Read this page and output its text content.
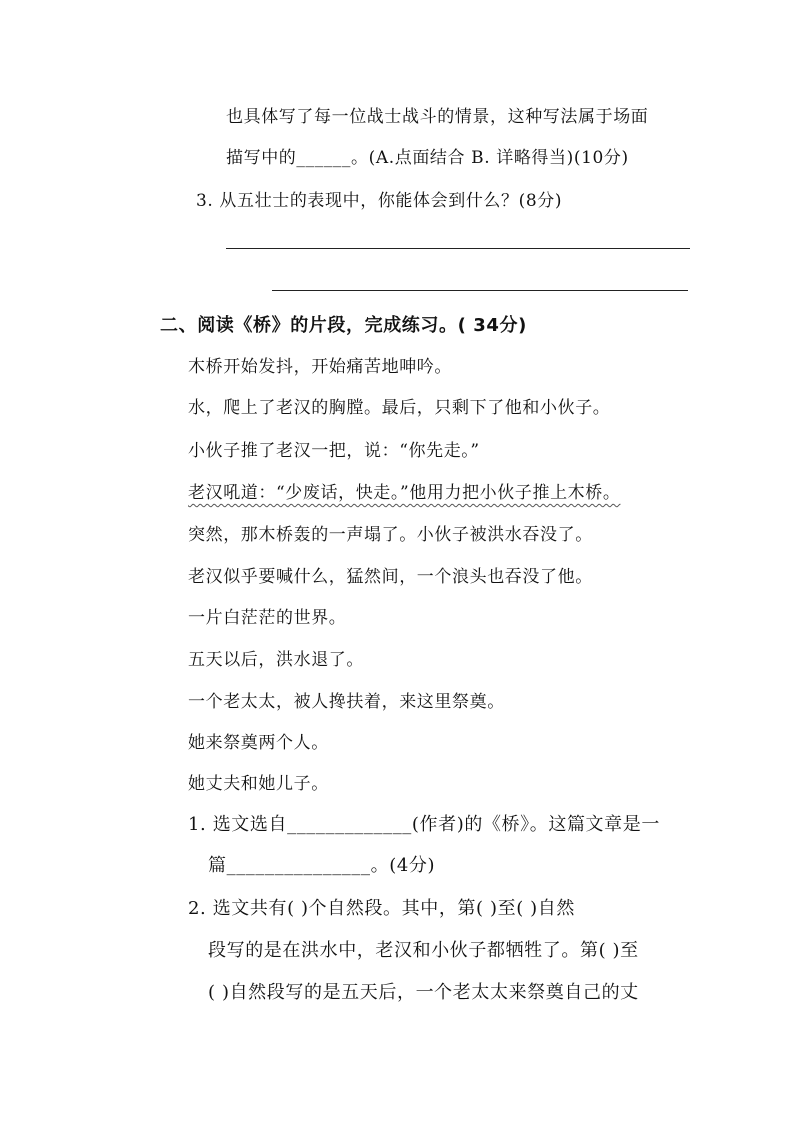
也具体写了每一位战士战斗的情景，这种写法属于场面
描写中的______。(A.点面结合 B. 详略得当)(10分)
3. 从五壮士的表现中，你能体会到什么？(8分)
二、阅读《桥》的片段，完成练习。( 34分)
木桥开始发抖，开始痛苦地呻吟。
水，爬上了老汉的胸膛。最后，只剩下了他和小伙子。
小伙子推了老汉一把，说：“你先走。”
老汉吼道：“少废话，快走。”他用力把小伙子推上木桥。
突然，那木桥轰的一声塌了。小伙子被洪水吞没了。
老汉似乎要喊什么，猛然间，一个浪头也吞没了他。
一片白茫茫的世界。
五天以后，洪水退了。
一个老太太，被人搀扶着，来这里祭奠。
她来祭奠两个人。
她丈夫和她儿子。
1. 选文选自_____________(作者)的《桥》。这篇文章是一
篇_______________。(4分)
2. 选文共有( )个自然段。其中，第( )至( )自然
段写的是在洪水中，老汉和小伙子都牺牲了。第( )至
( )自然段写的是五天后，一个老太太来祭奠自己的丈
